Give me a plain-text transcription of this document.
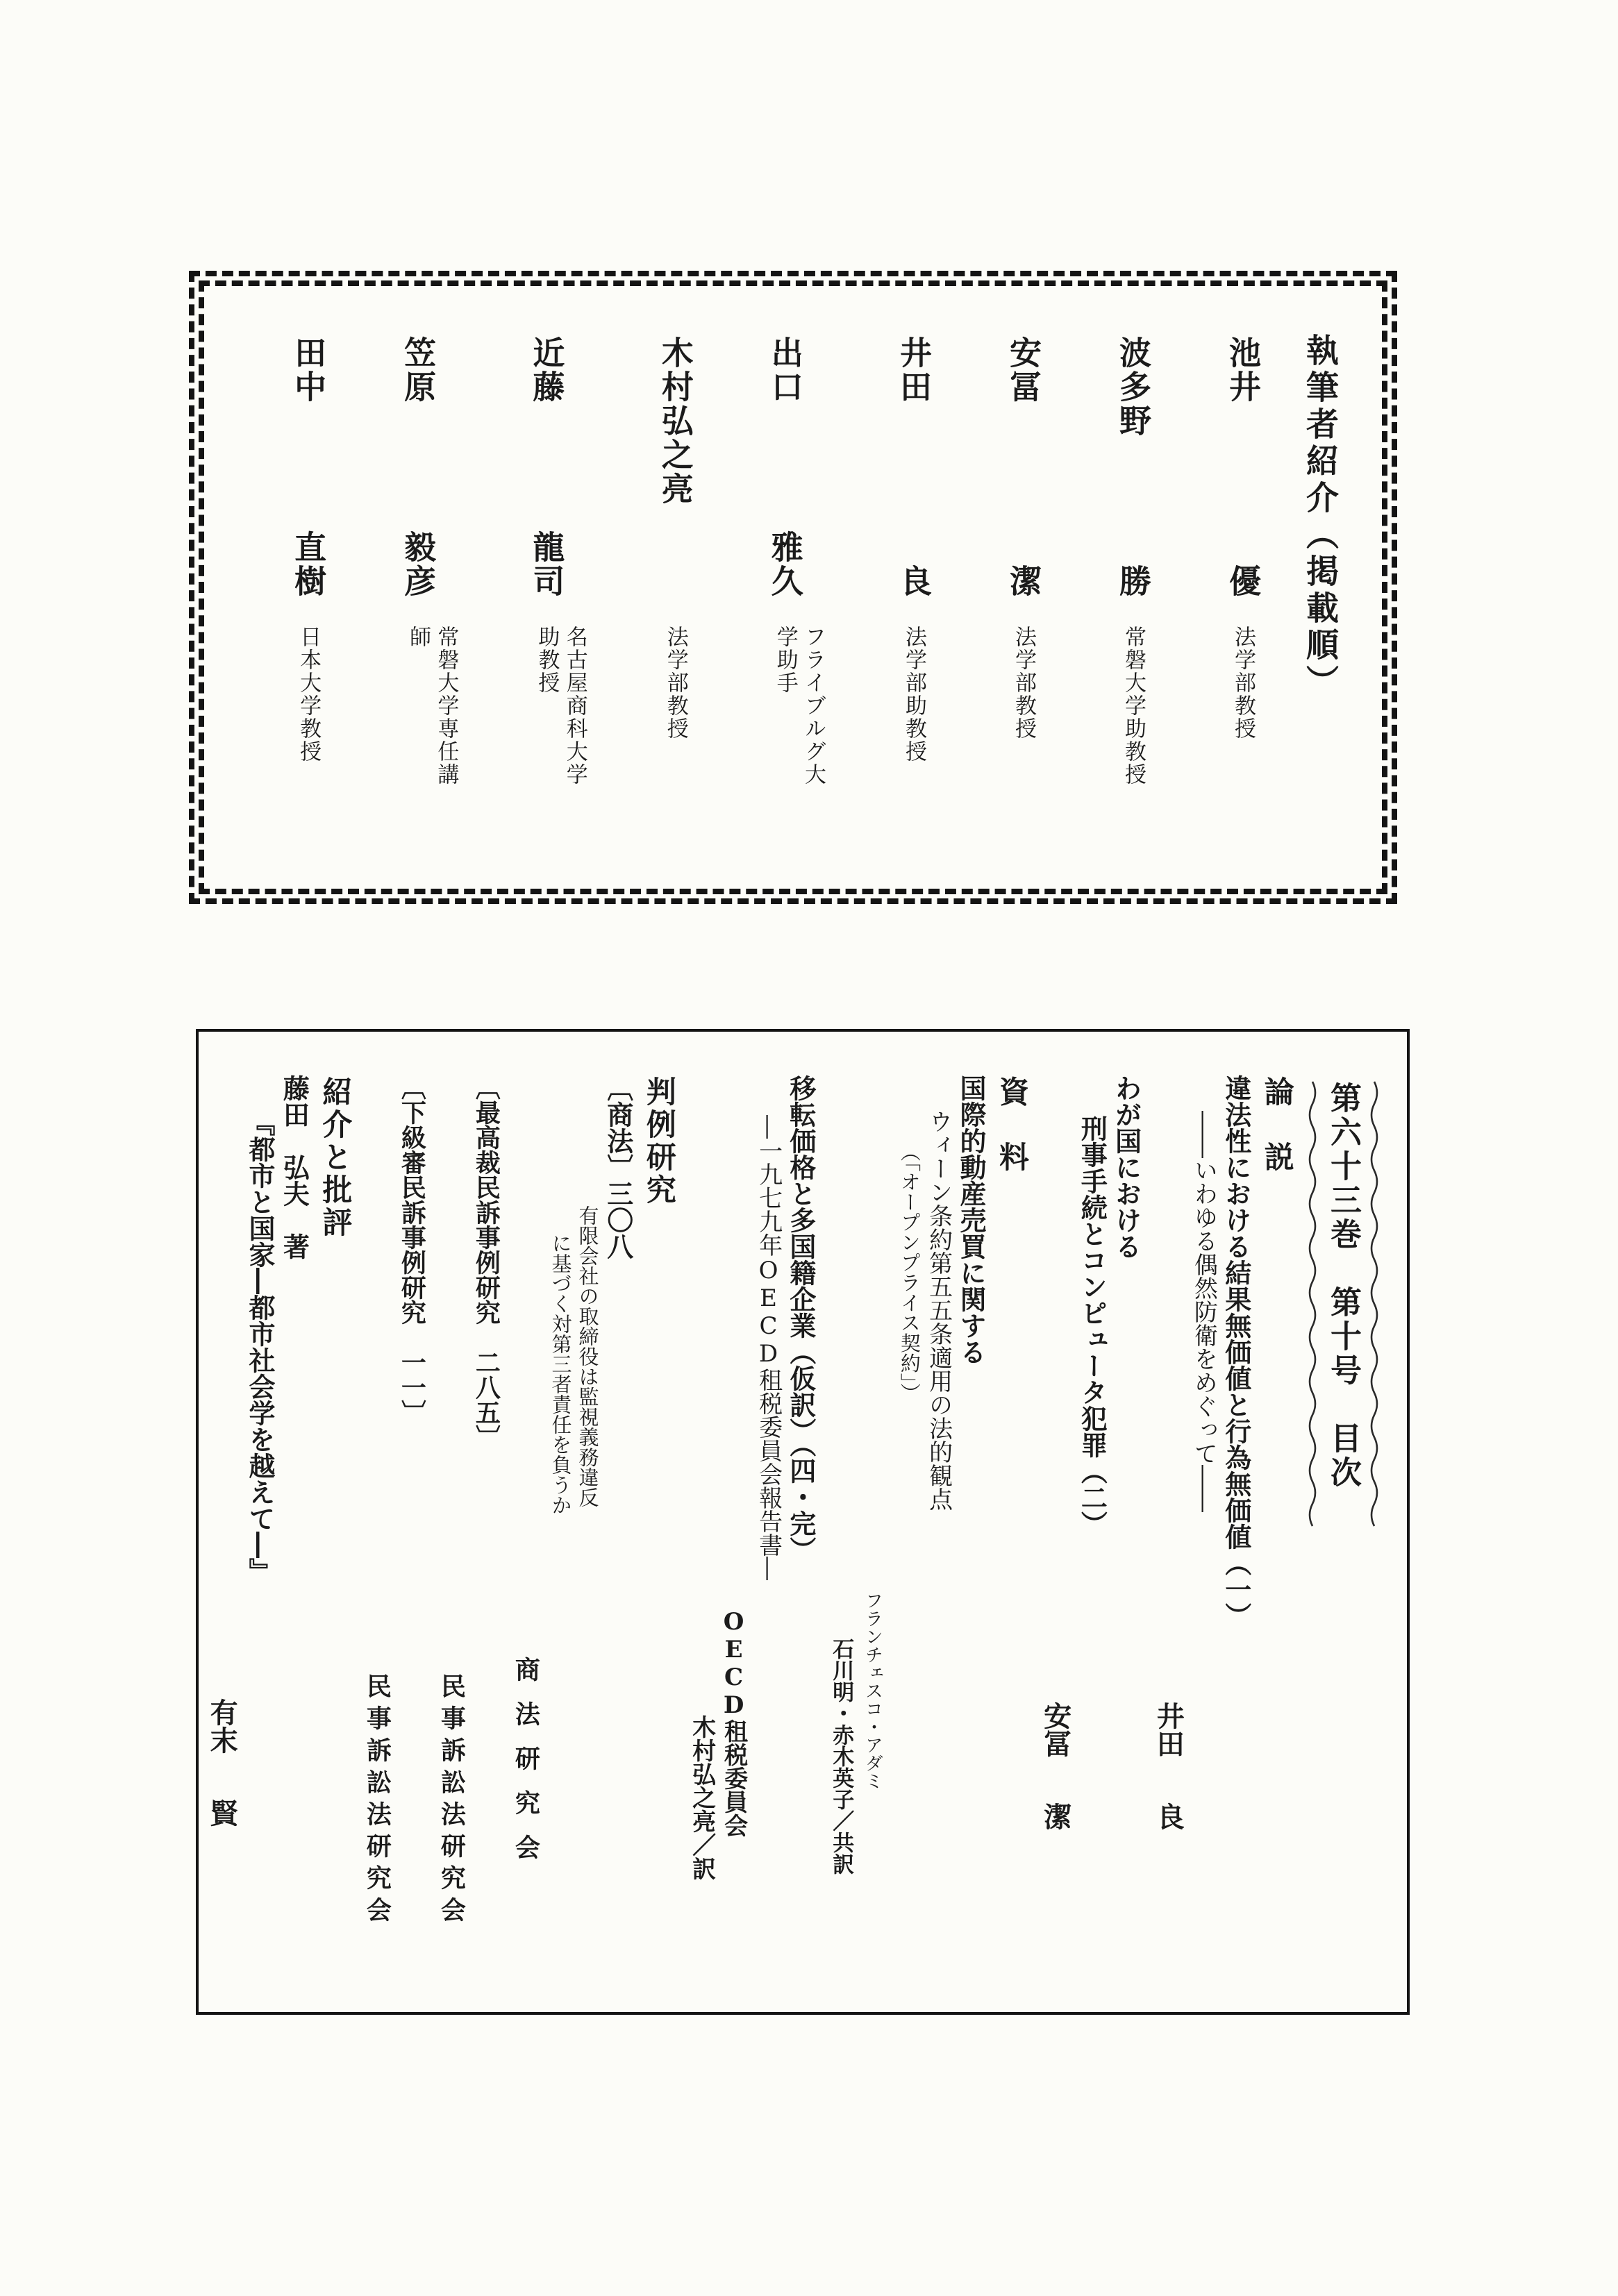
執筆者紹介（掲載順）
池井
優
法学部教授
波多野
勝
常磐大学助教授
安冨
潔
法学部教授
井田
良
法学部助教授
出口
雅久
フライブルグ大学助手
木村弘之亮
法学部教授
近藤
龍司
名古屋商科大学助教授
笠原
毅彦
常磐大学専任講師
田中
直樹
日本大学教授
第六十三巻　第十号　目次
論　説
違法性における結果無価値と行為無価値（一）
――いわゆる偶然防衛をめぐって――
井田
良
わが国における
刑事手続とコンピュータ犯罪（二）
安冨
潔
資　料
国際的動産売買に関する
ウィーン条約第五五条適用の法的観点
（「オープンプライス契約」）
フランチェスコ・アダミ
石川明・赤木英子／共訳
移転価格と多国籍企業（仮訳）（四・完）
―一九七九年OECD租税委員会報告書―
OECD租税委員会
木村弘之亮／訳
判例研究
〔商法〕三〇八
有限会社の取締役は監視義務違反
に基づく対第三者責任を負うか
商法研究会
〔最高裁民訴事例研究　二八五〕
民事訴訟法研究会
〔下級審民訴事例研究　一一〕
民事訴訟法研究会
紹介と批評
藤田　弘夫　著
『都市と国家―都市社会学を越えて―』
有末
賢
